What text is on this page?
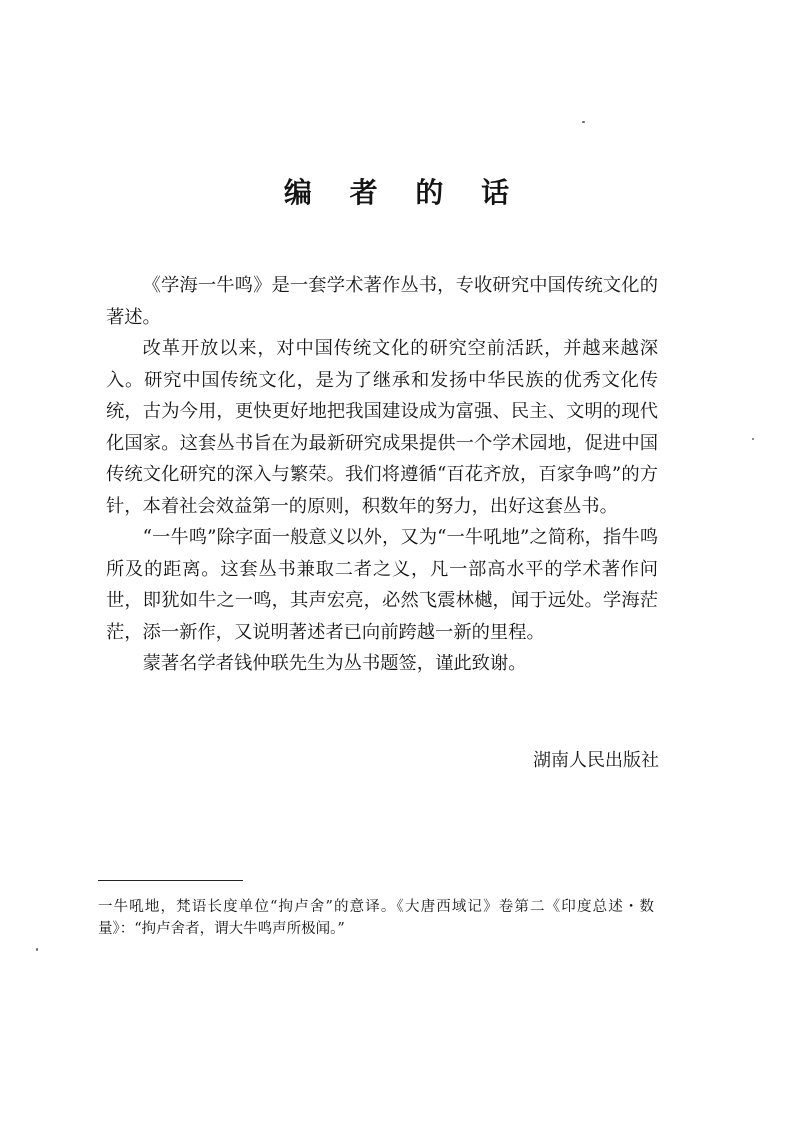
编 者 的 话

《学海一牛鸣》是一套学术著作丛书，专收研究中国传统文化的著述。

改革开放以来，对中国传统文化的研究空前活跃，并越来越深入。研究中国传统文化，是为了继承和发扬中华民族的优秀文化传统，古为今用，更快更好地把我国建设成为富强、民主、文明的现代化国家。这套丛书旨在为最新研究成果提供一个学术园地，促进中国传统文化研究的深入与繁荣。我们将遵循“百花齐放，百家争鸣”的方针，本着社会效益第一的原则，积数年的努力，出好这套丛书。

“一牛鸣”除字面一般意义以外，又为“一牛吼地”之简称，指牛鸣所及的距离。这套丛书兼取二者之义，凡一部高水平的学术著作问世，即犹如牛之一鸣，其声宏亮，必然飞震林樾，闻于远处。学海茫茫，添一新作，又说明著述者已向前跨越一新的里程。

蒙著名学者钱仲联先生为丛书题签，谨此致谢。

湖南人民出版社
一牛吼地，梵语长度单位“拘卢舍”的意译。《大唐西域记》卷第二《印度总述・数量》：“拘卢舍者，谓大牛鸣声所极闻。”
